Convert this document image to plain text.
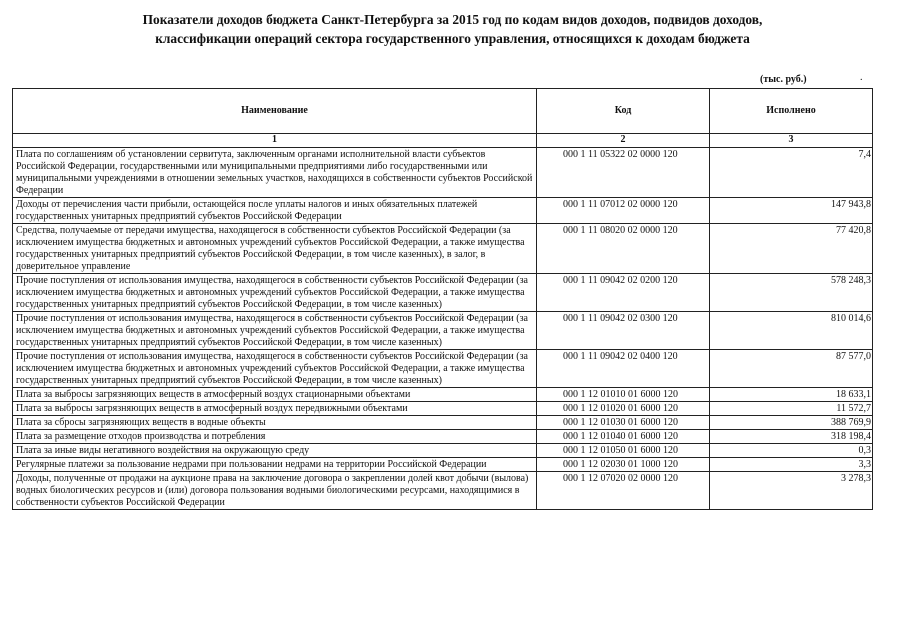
Показатели доходов бюджета Санкт-Петербурга за 2015 год по кодам видов доходов, подвидов доходов,
классификации операций сектора государственного управления, относящихся к доходам бюджета
(тыс. руб.)	.
Наименование	Код	Исполнено
1	2	3
Плата по соглашениям об установлении сервитута, заключенным органами исполнительной власти субъектов Российской Федерации, государственными или муниципальными предприятиями либо государственными или муниципальными учреждениями в отношении земельных участков, находящихся в собственности субъектов Российской Федерации	000 1 11 05322 02 0000 120	7,4
Доходы от перечисления части прибыли, остающейся после уплаты налогов и иных обязательных платежей государственных унитарных предприятий субъектов Российской Федерации	000 1 11 07012 02 0000 120	147 943,8
Средства, получаемые от передачи имущества, находящегося в собственности субъектов Российской Федерации (за исключением имущества бюджетных и автономных учреждений субъектов Российской Федерации, а также имущества государственных унитарных предприятий субъектов Российской Федерации, в том числе казенных), в залог, в доверительное управление	000 1 11 08020 02 0000 120	77 420,8
Прочие поступления от использования имущества, находящегося в собственности субъектов Российской Федерации (за исключением имущества бюджетных и автономных учреждений субъектов Российской Федерации, а также имущества государственных унитарных предприятий субъектов Российской Федерации, в том числе казенных)	000 1 11 09042 02 0200 120	578 248,3
Прочие поступления от использования имущества, находящегося в собственности субъектов Российской Федерации (за исключением имущества бюджетных и автономных учреждений субъектов Российской Федерации, а также имущества государственных унитарных предприятий субъектов Российской Федерации, в том числе казенных)	000 1 11 09042 02 0300 120	810 014,6
Прочие поступления от использования имущества, находящегося в собственности субъектов Российской Федерации (за исключением имущества бюджетных и автономных учреждений субъектов Российской Федерации, а также имущества государственных унитарных предприятий субъектов Российской Федерации, в том числе казенных)	000 1 11 09042 02 0400 120	87 577,0
Плата за выбросы загрязняющих веществ в атмосферный воздух стационарными объектами	000 1 12 01010 01 6000 120	18 633,1
Плата за выбросы загрязняющих веществ в атмосферный воздух передвижными объектами	000 1 12 01020 01 6000 120	11 572,7
Плата за сбросы загрязняющих веществ в водные объекты	000 1 12 01030 01 6000 120	388 769,9
Плата за размещение отходов производства и потребления	000 1 12 01040 01 6000 120	318 198,4
Плата за иные виды негативного воздействия на окружающую среду	000 1 12 01050 01 6000 120	0,3
Регулярные платежи за пользование недрами при пользовании недрами на территории Российской Федерации	000 1 12 02030 01 1000 120	3,3
Доходы, полученные от продажи на аукционе права на заключение договора о закреплении долей квот добычи (вылова) водных биологических ресурсов и (или) договора пользования водными биологическими ресурсами, находящимися в собственности субъектов Российской Федерации	000 1 12 07020 02 0000 120	3 278,3
